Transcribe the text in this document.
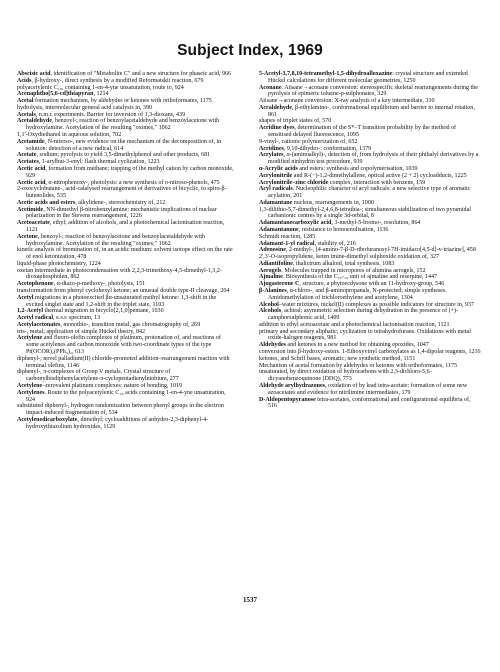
Subject Index, 1969

Abscisic acid, identification of "Metabolite C" and a new structure for phaseic acid, 966

Acids, β-hydroxy-, direct synthesis by a modified Reformatskii reaction, 679

polyacetylenic C₁₈, containing 1-en-4-yne unsaturation, route to, 924

Acenaphtho[5,6-cd]thiapyran, 1214

Acetal formation mechanism, by aldehydes or ketones with orthoformates, 1175

hydrolysis, intermolecular general acid catalysis in, 390

Acetals, n.m.r. experiments. Barrier for inversion of 1,3-dioxans, 439

Acetaldehyde, benzoyl-; reaction of benzoylacetaldehyde and benzoylacetone with hydroxylamine. Acetylation of the resulting "oximes," 1062

1,1'-Oxydiethanol in aqueous solution, 702

Acetamide, N-nitroso-, new evidence on the mechanism of the decomposition of, in solution: detection of a new radical, 614

Acetate, sodium; pyrolysis to yield 3,5-dimethylphenol and other products, 681

Acetates, 1-arylbut-3-enyl: flash thermal cyclization, 1223

Acetic acid, formation from methane; trapping of the methyl cation by carbon monoxide, 929

Acetic acid, α-nitrophenoxy-, photolysis: a new synthesis of o-nitroso-phenols, 475

2-oxocyclobutane-, acid-catalysed rearrangement of derivatives of bicyclic, to spiro-β-butenolides, 535

Acetic acids and esters, alkylidene-, stereochemistry of, 212

Acetimide, NN-dimethyl β-nitrobenzylamine: mechanistic implications of nuclear polarization in the Stevens rearrangement, 1226

Acetoacetate, ethyl; addition of alcohols, and a photochemical lactonisation reaction, 1121

Acetone, benzoyl-; reaction of benzoylacetone and benzoylacetaldehyde with hydroxylamine. Acetylation of the resulting "oximes," 1062

kinetic analysis of bromination of, in an acidic medium: solvent isotope effect on the rate of enol ketonization, 478

liquid-phase photochemistry, 1224

oxetan intermediate in photocondensation with 2,2,3-trimethoxy-4,5-dimethyl-1,3,2-dioxaphospholen, 862

Acetophenone, α-diazo-p-methoxy-, photolysis, 151

transformation from phenyl cyclohexyl ketone; an unusual double type-II cleavage, 204

Acetyl migrations in a photoexcited βα-unsaturated methyl ketone: 1,3-shift in the excited singlet state and 1,2-shift in the triplet state, 1103

1,2-Acetyl thermal migration in bicyclo[2,1,0]pentane, 1030

Acetyl radical, e.s.r. spectrum, 13

Acetylacetonates, monothio-, transition metal, gas chromatography of, 269

tris-, metal; application of simple Hückel theory, 842

Acetylene and fluoro-olefin complexes of platinum, protonation of, and reactions of some acetylenes and carbon monoxide with two-coordinate types of the type Pt(OCOR)₂(PPh₃)₂, 613

diphenyl-; novel palladium(II) chloride-promoted addition–rearrangement reaction with terminal olefins, 1146

diphenyl-, π-complexes of Group V metals. Crystal structure of carbonylbisdiphenylacetylene-π-cyclopentadienylniobium, 277

Acetylene–zerovalent platinum complexes: nature of bonding, 1019

Acetylenes. Route to the polyacetylenic C₁₈ acids containing 1-en-4-yne unsaturation, 924

substituted diphenyl-, hydrogen randomization between phenyl groups in the electron impact-induced fragmentation of, 534

Acetylenedicarboxylate, dimethyl; cycloadditions of anhydro-2,3-diphenyl-4-hydroxythiazolium hydroxides, 1129

5-Acetyl-3,7,8,10-tetramethyl-1,5-dihydroalloxazine: crystal structure and extended Hückel calculations for different molecular geometries, 1250

Aconane. Atisane→aconane conversion: stereospecific skeletal rearrangements during the pyrolysis of epimeric toluene-p-sulphonates, 329

Atisane→aconane conversion: X-ray analysis of a key intermediate, 330

Acraldehyde, β-ethylamino-, conformational equilibrium and barrier to internal rotation, 861

shapes of triplet states of, 570

Acridine dyes, determination of the S*–T transition probability by the method of sensitised delayed fluorescence, 1095

9-vinyl-, cationic polymerization of, 652

Acridines, 9,10-dihydro-: conformation, 1379

Acrylates, α-(aminoalkyl)-, detection of, from hydrolysis of their phthalyl derivatives by a modified ninhydrin test procedure, 939

α-Acrylic acids and esters: synthesis and copolymerisation, 1039

Acrylonitrile and R-(−)-1,2-dimethylallene, optical active (2 + 2) cycloadducts, 1225

Acrylonitrile–zinc chloride complex, interaction with benzene, 159

Acyl radicals. Nucleophilic character of acyl radicals: a new selective type of aromatic acylation, 201

Adamantane nucleus, rearrangements in, 1000

1,3-dilithio-5,7-dimethyl-2,4,6,8-tetrathia-; simultaneous stabilization of two pyramidal carbanionic centres by a single 3d-orbital, 8

Adamantanecarboxylic acid, 3-methyl-5-bromo-, resolution, 864

Adamantanone, resistance to homoenolisation, 1136

Schmidt reaction, 1285

Adamant-1-yl radical, stability of, 216

Adenosine, 2-methyl-, [4-amino-7-β-D-ribofuranosyl-7H-imidazo[4,5-d]-v-triazine], 458

2',3'-O-isopropylidene, keten imine-dimethyl sulphoxide oxidation of, 327

Adiantifoline, thalictrum alkaloid, total synthesis, 1083

Aerogels. Molecules trapped in micropores of alumina aerogels, 152

Ajmaline. Biosynthesis of the C₁₀-₁₀ unit of ajmaline and reserpine, 1447

Ajugasterone C, structure, a phytoecdysone with an 11-hydroxy-group, 546

β-Alanines, α-chloro-, and β-aminopropanals, N-protected; simple syntheses. Amidomethylation of trichloroethylene and acetylene, 1304

Alcohol–water mixtures, nickel(II) complexes as possible indicators for structure in, 937

Alcohols, achiral; asymmetric selection during dehydration in the presence of (+)-camphorsulphonic acid, 1409

addition to ethyl acetoacetate and a photochemical lactonisation reaction, 1121

primary and secondary aliphatic; cyclization to tetrahydrofurans. Oxidations with metal oxide-halogen reagents, 981

Aldehydes and ketones in a new method for obtaining epoxides, 1047

conversion into β-hydroxy-esters. 1-Ethoxyvinyl carboxylates as 1,4-dipolar reagents, 1216

ketones, and Schiff bases, aromatic; new synthetic method, 1151

Mechanism of acetal formation by aldehydes or ketones with orthoformates, 1175

unsaturated, by direct oxidation of hydrocarbons with 2,3-dichloro-5,6-dicyanobenzoquinone (DDQ), 773

Aldehyde arylhydrazones, oxidation of by lead tetra-acetate: formation of some new azoacetates and evidence for nitrilimine intermediates, 179

D-Aldopentopyranose tetra-acetates, conformational and configurational equilibria of, 516

1537
